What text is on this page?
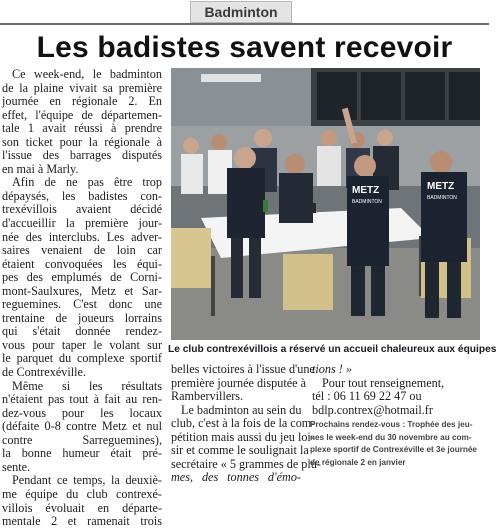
Badminton
Les badistes savent recevoir

Ce week-end, le badminton
de la plaine vivait sa première
journée en régionale 2. En
effet, l'équipe de départemen-
tale 1 avait réussi à prendre
son ticket pour la régionale à
l'issue des barrages disputés
en mai à Marly.

Afin de ne pas être trop
dépaysés, les badistes con-
trexévillois avaient décidé
d'accueillir la première jour-
née des interclubs. Les adver-
saires venaient de loin car
étaient convoquées les équi-
pes des emplumés de Corni-
mont-Saulxures, Metz et Sar-
reguemines. C'est donc une
trentaine de joueurs lorrains
qui s'était donnée rendez-
vous pour taper le volant sur
le parquet du complexe sportif
de Contrexéville.

Même si les résultats
n'étaient pas tout à fait au ren-
dez-vous pour les locaux
(défaite 0-8 contre Metz et nul
contre Sarreguemines),
la bonne humeur était pré-
sente.

Pendant ce temps, la deuxiè-
me équipe du club contrexé-
villois évoluait en départe-
mentale 2 et ramenait trois

METZ
BADMINTON
METZ
BADMINTON
Le club contrexévillois a réservé un accueil chaleureux aux équipes

belles victoires à l'issue d'une
première journée disputée à
Rambervillers.

Le badminton au sein du
club, c'est à la fois de la com-
pétition mais aussi du jeu loi-
sir et comme le soulignait la
secrétaire « 5 grammes de plu-
mes, des tonnes d'émo-

tions ! »
Pour tout renseignement,
tél : 06 11 69 22 47 ou
bdlp.contrex@hotmail.fr
Prochains rendez-vous : Trophée des jeu-
nes le week-end du 30 novembre au com-
plexe sportif de Contrexéville et 3e journée
de régionale 2 en janvier
